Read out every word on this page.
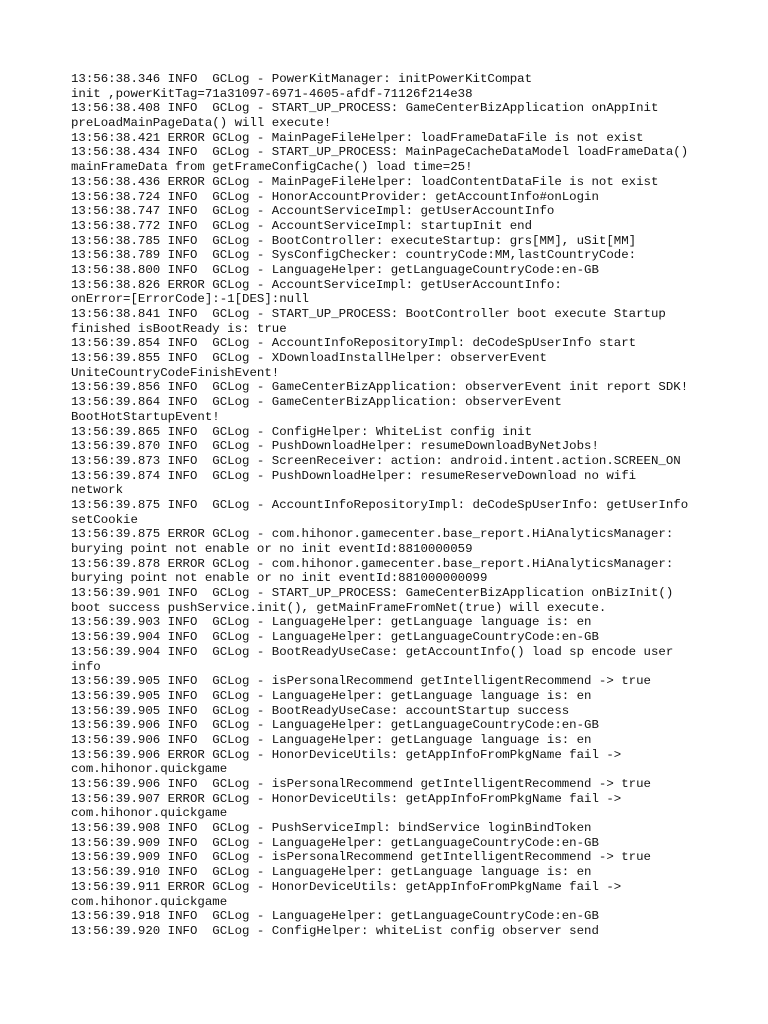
13:56:38.346 INFO  GCLog - PowerKitManager: initPowerKitCompat
init ,powerKitTag=71a31097-6971-4605-afdf-71126f214e38
13:56:38.408 INFO  GCLog - START_UP_PROCESS: GameCenterBizApplication onAppInit
preLoadMainPageData() will execute!
13:56:38.421 ERROR GCLog - MainPageFileHelper: loadFrameDataFile is not exist
13:56:38.434 INFO  GCLog - START_UP_PROCESS: MainPageCacheDataModel loadFrameData()
mainFrameData from getFrameConfigCache() load time=25!
13:56:38.436 ERROR GCLog - MainPageFileHelper: loadContentDataFile is not exist
13:56:38.724 INFO  GCLog - HonorAccountProvider: getAccountInfo#onLogin
13:56:38.747 INFO  GCLog - AccountServiceImpl: getUserAccountInfo
13:56:38.772 INFO  GCLog - AccountServiceImpl: startupInit end
13:56:38.785 INFO  GCLog - BootController: executeStartup: grs[MM], uSit[MM]
13:56:38.789 INFO  GCLog - SysConfigChecker: countryCode:MM,lastCountryCode:
13:56:38.800 INFO  GCLog - LanguageHelper: getLanguageCountryCode:en-GB
13:56:38.826 ERROR GCLog - AccountServiceImpl: getUserAccountInfo:
onError=[ErrorCode]:-1[DES]:null
13:56:38.841 INFO  GCLog - START_UP_PROCESS: BootController boot execute Startup
finished isBootReady is: true
13:56:39.854 INFO  GCLog - AccountInfoRepositoryImpl: deCodeSpUserInfo start
13:56:39.855 INFO  GCLog - XDownloadInstallHelper: observerEvent
UniteCountryCodeFinishEvent!
13:56:39.856 INFO  GCLog - GameCenterBizApplication: observerEvent init report SDK!
13:56:39.864 INFO  GCLog - GameCenterBizApplication: observerEvent
BootHotStartupEvent!
13:56:39.865 INFO  GCLog - ConfigHelper: WhiteList config init
13:56:39.870 INFO  GCLog - PushDownloadHelper: resumeDownloadByNetJobs!
13:56:39.873 INFO  GCLog - ScreenReceiver: action: android.intent.action.SCREEN_ON
13:56:39.874 INFO  GCLog - PushDownloadHelper: resumeReserveDownload no wifi
network
13:56:39.875 INFO  GCLog - AccountInfoRepositoryImpl: deCodeSpUserInfo: getUserInfo
setCookie
13:56:39.875 ERROR GCLog - com.hihonor.gamecenter.base_report.HiAnalyticsManager:
burying point not enable or no init eventId:8810000059
13:56:39.878 ERROR GCLog - com.hihonor.gamecenter.base_report.HiAnalyticsManager:
burying point not enable or no init eventId:881000000099
13:56:39.901 INFO  GCLog - START_UP_PROCESS: GameCenterBizApplication onBizInit()
boot success pushService.init(), getMainFrameFromNet(true) will execute.
13:56:39.903 INFO  GCLog - LanguageHelper: getLanguage language is: en
13:56:39.904 INFO  GCLog - LanguageHelper: getLanguageCountryCode:en-GB
13:56:39.904 INFO  GCLog - BootReadyUseCase: getAccountInfo() load sp encode user
info
13:56:39.905 INFO  GCLog - isPersonalRecommend getIntelligentRecommend -> true
13:56:39.905 INFO  GCLog - LanguageHelper: getLanguage language is: en
13:56:39.905 INFO  GCLog - BootReadyUseCase: accountStartup success
13:56:39.906 INFO  GCLog - LanguageHelper: getLanguageCountryCode:en-GB
13:56:39.906 INFO  GCLog - LanguageHelper: getLanguage language is: en
13:56:39.906 ERROR GCLog - HonorDeviceUtils: getAppInfoFromPkgName fail ->
com.hihonor.quickgame
13:56:39.906 INFO  GCLog - isPersonalRecommend getIntelligentRecommend -> true
13:56:39.907 ERROR GCLog - HonorDeviceUtils: getAppInfoFromPkgName fail ->
com.hihonor.quickgame
13:56:39.908 INFO  GCLog - PushServiceImpl: bindService loginBindToken
13:56:39.909 INFO  GCLog - LanguageHelper: getLanguageCountryCode:en-GB
13:56:39.909 INFO  GCLog - isPersonalRecommend getIntelligentRecommend -> true
13:56:39.910 INFO  GCLog - LanguageHelper: getLanguage language is: en
13:56:39.911 ERROR GCLog - HonorDeviceUtils: getAppInfoFromPkgName fail ->
com.hihonor.quickgame
13:56:39.918 INFO  GCLog - LanguageHelper: getLanguageCountryCode:en-GB
13:56:39.920 INFO  GCLog - ConfigHelper: whiteList config observer send
